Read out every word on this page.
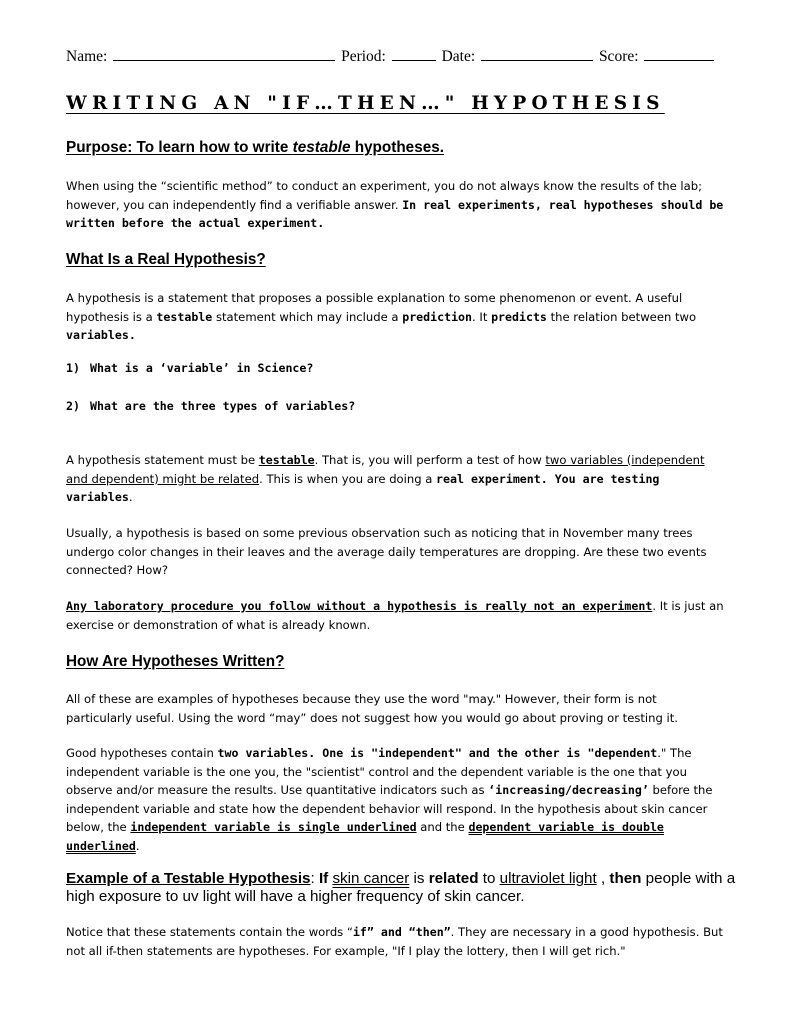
Name:	Period:	Date:	Score:
WRITING AN "IF…THEN…" HYPOTHESIS
Purpose: To learn how to write testable hypotheses.
When using the “scientific method” to conduct an experiment, you do not always know the results of the lab; however, you can independently find a verifiable answer. In real experiments, real hypotheses should be written before the actual experiment.
What Is a Real Hypothesis?
A hypothesis is a statement that proposes a possible explanation to some phenomenon or event. A useful hypothesis is a testable statement which may include a prediction. It predicts the relation between two variables.
1) What is a ‘variable’ in Science?
2) What are the three types of variables?
A hypothesis statement must be testable. That is, you will perform a test of how two variables (independent and dependent) might be related. This is when you are doing a real experiment. You are testing variables.
Usually, a hypothesis is based on some previous observation such as noticing that in November many trees undergo color changes in their leaves and the average daily temperatures are dropping. Are these two events connected? How?
Any laboratory procedure you follow without a hypothesis is really not an experiment. It is just an exercise or demonstration of what is already known.
How Are Hypotheses Written?
All of these are examples of hypotheses because they use the word "may." However, their form is not particularly useful. Using the word “may” does not suggest how you would go about proving or testing it.
Good hypotheses contain two variables. One is "independent" and the other is "dependent." The independent variable is the one you, the "scientist" control and the dependent variable is the one that you observe and/or measure the results. Use quantitative indicators such as ‘increasing/decreasing’ before the independent variable and state how the dependent behavior will respond. In the hypothesis about skin cancer below, the independent variable is single underlined and the dependent variable is double underlined.
Example of a Testable Hypothesis: If skin cancer is related to ultraviolet light , then people with a high exposure to uv light will have a higher frequency of skin cancer.
Notice that these statements contain the words “if” and “then”. They are necessary in a good hypothesis. But not all if-then statements are hypotheses. For example, "If I play the lottery, then I will get rich."
